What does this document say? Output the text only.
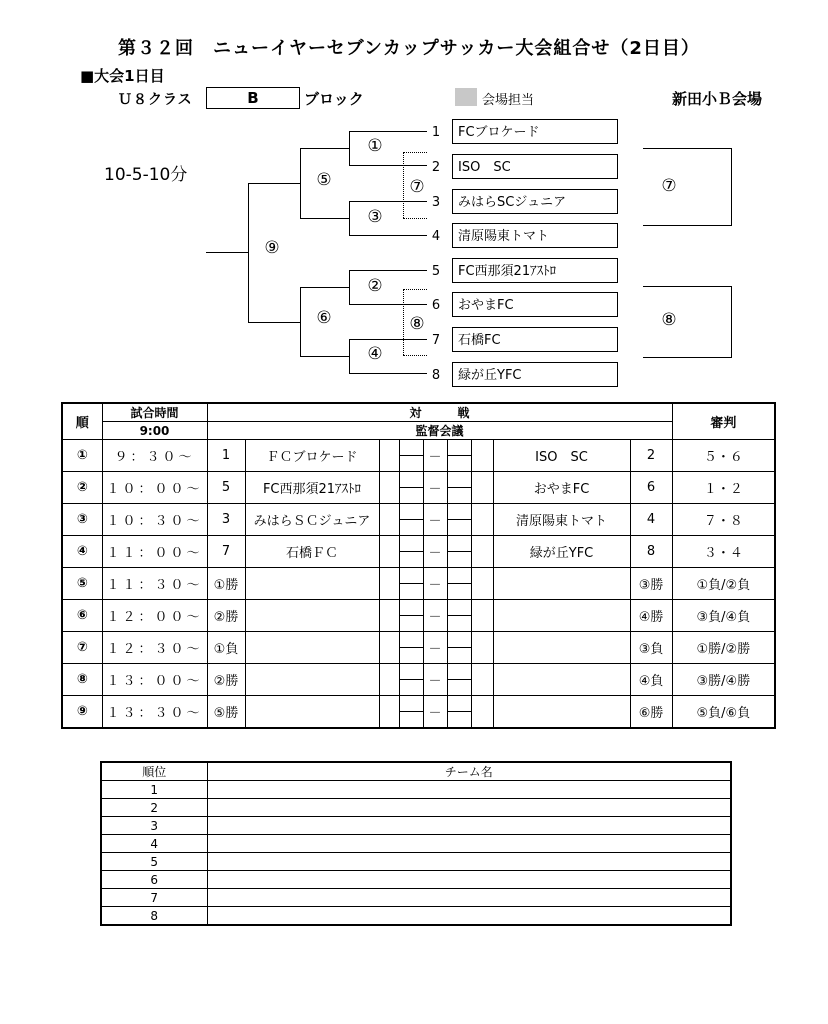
第３２回　ニューイヤーセブンカップサッカー大会組合せ（2日目）
■大会1日目
Ｕ８クラス	B	ブロック	会場担当	新田小Ｂ会場
10-5-10分
①
③
②
④
⑤
⑥
⑨
⑦
⑧
1	FCブロケード
2	ISO　SC
3	みはらSCジュニア
4	清原陽東トマト
5	FC西那須21ｱｽﾄﾛ
6	おやまFC
7	石橋FC
8	緑が丘YFC
⑦
⑧
順	試合時間	対　　　戦									審判
	9:00	監督会議									
①	９：３０～	1	ＦＣブロケード			－			ISO　SC	2	５・６
②	１０：００～	5	FC西那須21ｱｽﾄﾛ			－			おやまFC	6	１・２
③	１０：３０～	3	みはらＳＣジュニア			－			清原陽東トマト	4	７・８
④	１１：００～	7	石橋ＦＣ			－			緑が丘YFC	8	３・４
⑤	１１：３０～	①勝				－				③勝	①負/②負
⑥	１２：００～	②勝				－				④勝	③負/④負
⑦	１２：３０～	①負				－				③負	①勝/②勝
⑧	１３：００～	②勝				－				④負	③勝/④勝
⑨	１３：３０～	⑤勝				－				⑥勝	⑤負/⑥負
順位	チーム名
1	
2	
3	
4	
5	
6	
7	
8	
